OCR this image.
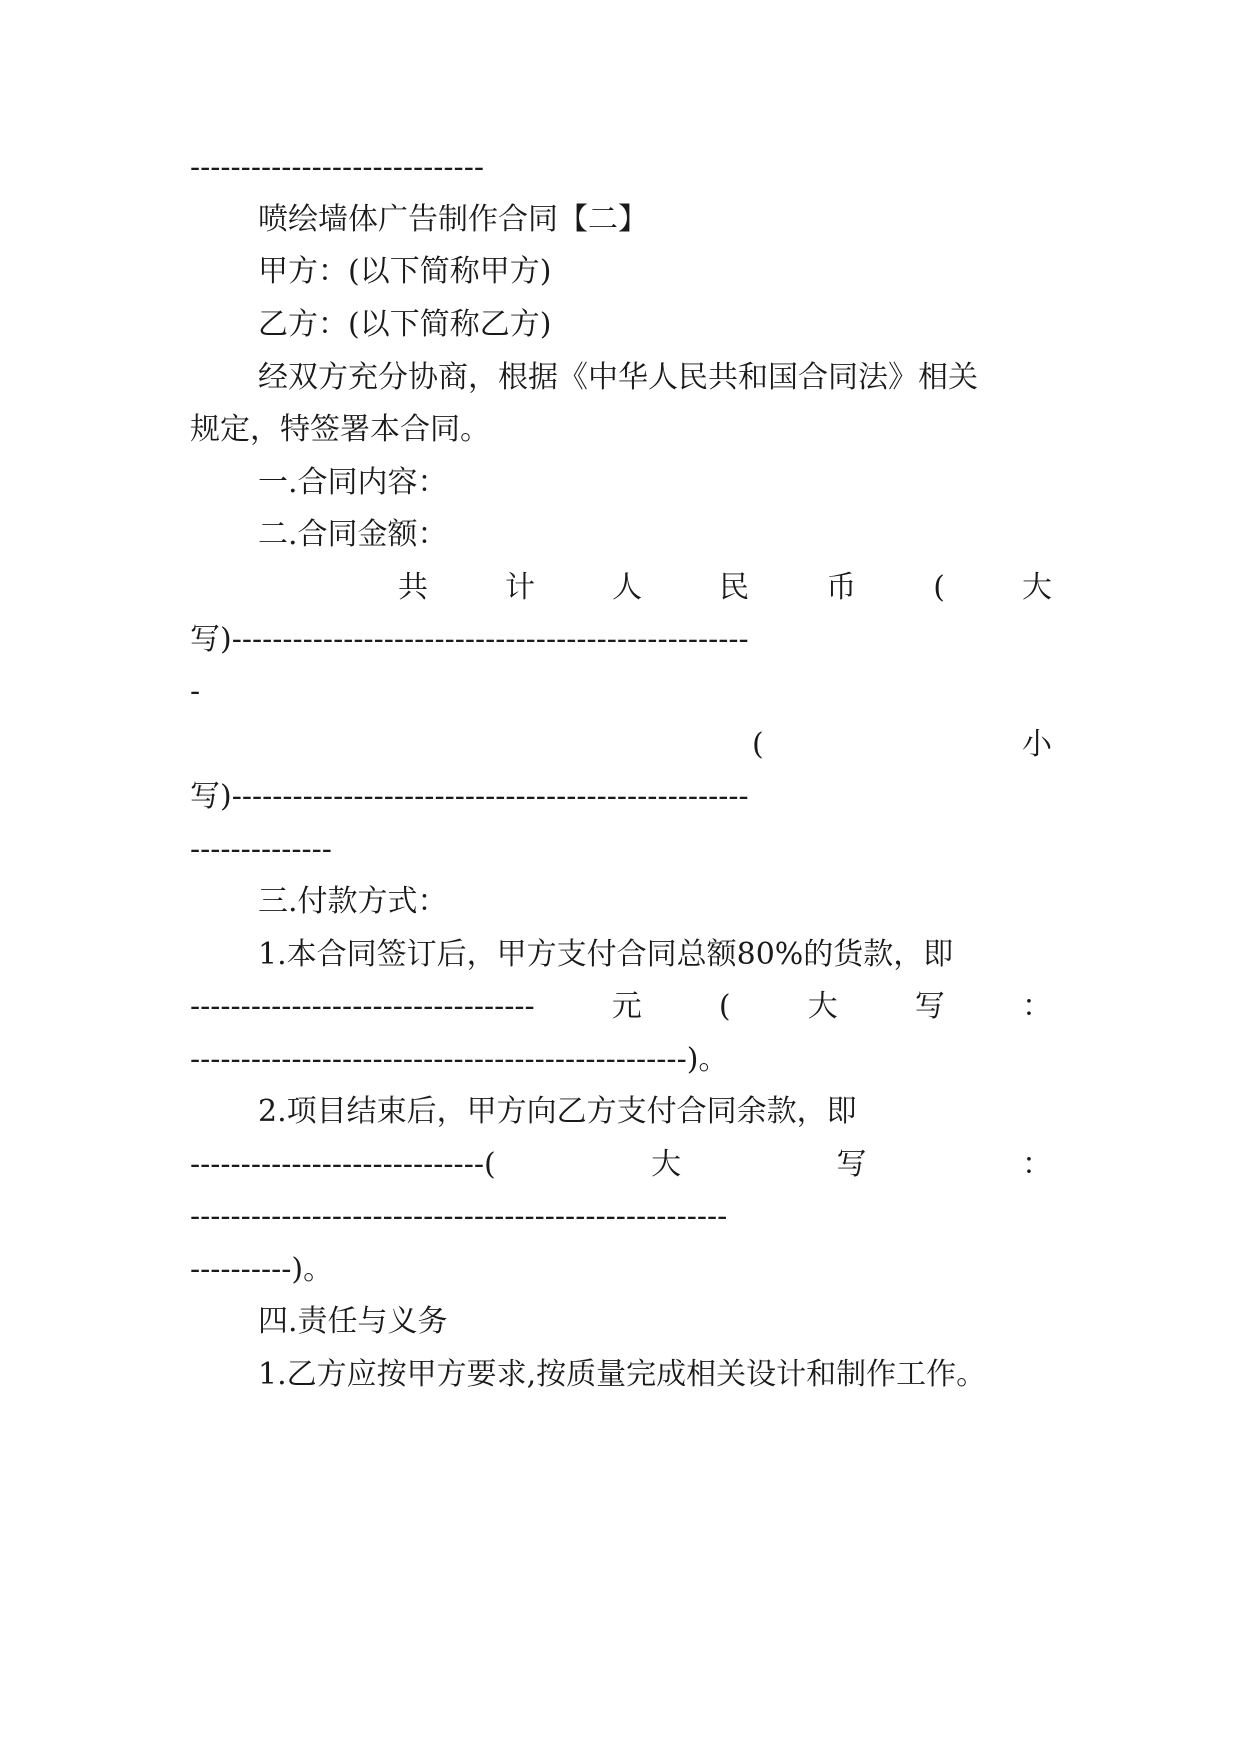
-----------------------------
喷绘墙体广告制作合同【二】
甲方：(以下简称甲方)
乙方：(以下简称乙方)
经双方充分协商，根据《中华人民共和国合同法》相关
规定，特签署本合同。
一.合同内容：
二.合同金额：
共	计	人	民	币	(	大
写)---------------------------------------------------
-
(	小
写)---------------------------------------------------
--------------
三.付款方式：
1.本合同签订后，甲方支付合同总额80%的货款，即
----------------------------------	元	(	大	写	：
-------------------------------------------------)。
2.项目结束后，甲方向乙方支付合同余款，即
-----------------------------(	大	写	：
-----------------------------------------------------
----------)。
四.责任与义务
1.乙方应按甲方要求,按质量完成相关设计和制作工作。
